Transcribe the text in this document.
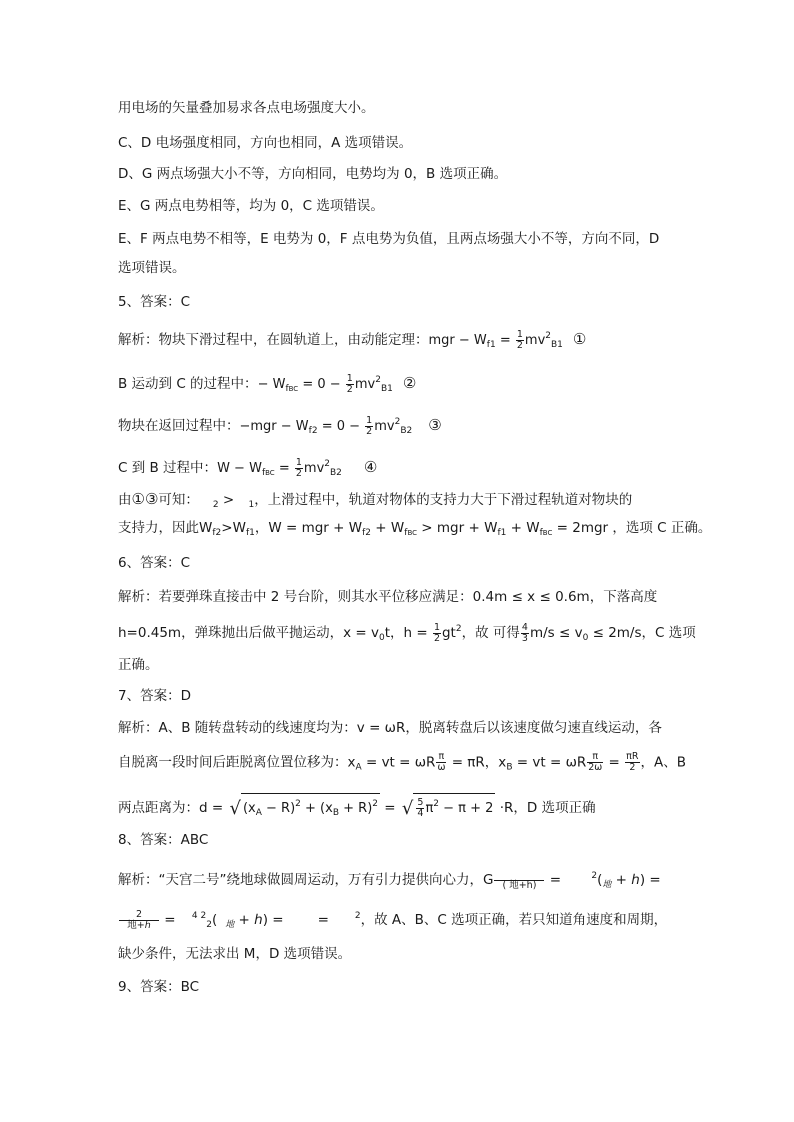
用电场的矢量叠加易求各点电场强度大小。
C、D 电场强度相同，方向也相同，A 选项错误。
D、G 两点场强大小不等，方向相同，电势均为 0，B 选项正确。
E、G 两点电势相等，均为 0，C 选项错误。
E、F 两点电势不相等，E 电势为 0，F 点电势为负值，且两点场强大小不等，方向不同，D
选项错误。
5、答案：C
解析：物块下滑过程中，在圆轨道上，由动能定理：mgr − $W_{f1} = \frac{1}{2} mv^2_{B1}$ ①
B 运动到 C 的过程中：− $W_{fBC} = 0 - \frac{1}{2} mv^2_{B1}$ ②
物块在返回过程中：$-mgr - W_{f2} = 0 - \frac{1}{2} mv^2_{B2}$ ③
C 到 B 过程中：$W - W_{fBC} = \frac{1}{2} mv^2_{B2}$ ④
由①③可知： $_2$ > $_1$，上滑过程中，轨道对物体的支持力大于下滑过程轨道对物块的
支持力，因此$W_{f2}>W_{f1}$，W = mgr + $W_{f2} + W_{fBC}$ > mgr + $W_{f1} + W_{fBC} = 2mgr$ ，选项 C 正确。
6、答案：C
解析：若要弹珠直接击中 2 号台阶，则其水平位移应满足：0.4m ≤ x ≤ 0.6m，下落高度
h=0.45m，弹珠抛出后做平抛运动，$x = v_0t$，$h = \frac{1}{2} gt^2$，故 可得 $\frac{4}{3} m/s \le v_0 \le 2m/s$，C 选项
正确。
7、答案：D
解析：A、B 随转盘转动的线速度均为：v = ωR，脱离转盘后以该速度做匀速直线运动，各
自脱离一段时间后距脱离位置位移为：$x_A$ = vt = ωR $\frac{\pi}{\omega} = \pi R$，$x_B$ = vt = ωR $\frac{\pi}{2\omega} = \frac{\pi R}{2}$ ，A、B
两点距离为：d = √ $(x_A - R)^2 + (x_B + R)^2$ = √ $\frac{5}{4} \pi^2 - \pi + 2 \cdot R$，D 选项正确
8、答案：ABC
解析：“天宫二号”绕地球做圆周运动，万有引力提供向心力，G ( 地+h) =	$^2(_地$ + ℎ) =
$\frac{2}{\text{地+ℎ}} = ^{4 2}_2$( $_地$ + ℎ) =	=	$^2$，故 A、B、C 选项正确，若只知道角速度和周期，
缺少条件，无法求出 M，D 选项错误。
9、答案：BC
